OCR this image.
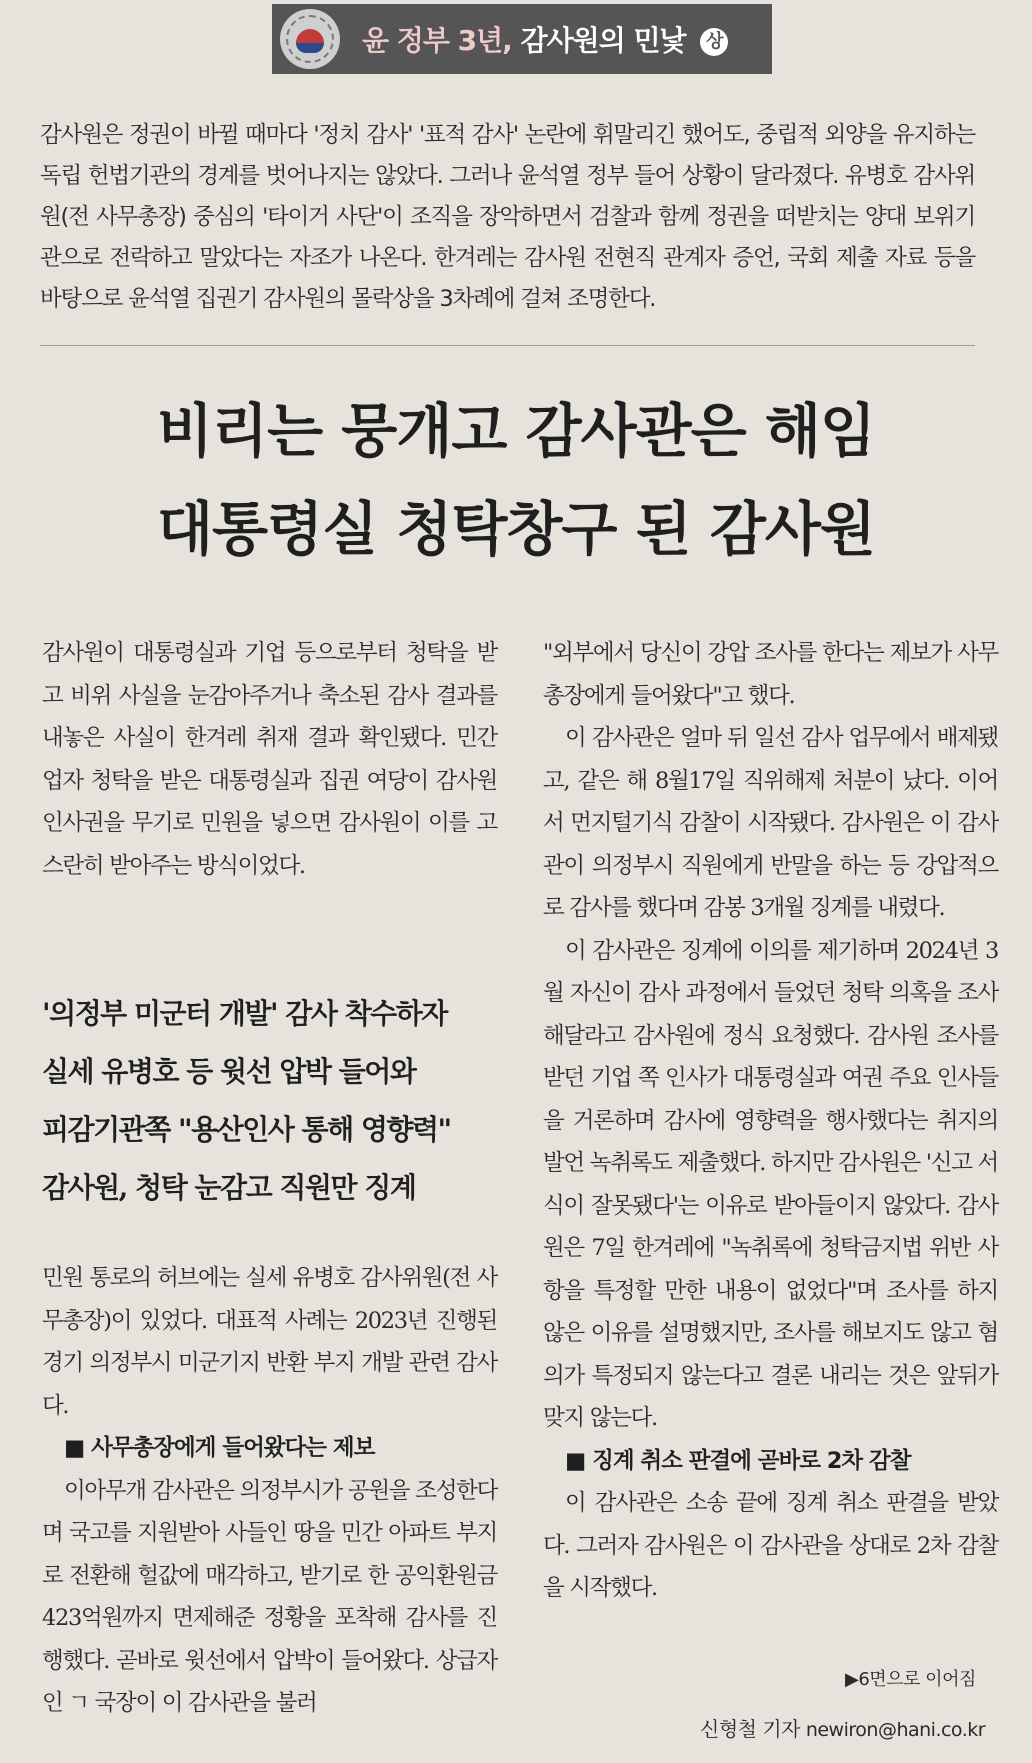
윤 정부 3년, 감사원의 민낯 상
감사원은 정권이 바뀔 때마다 '정치 감사' '표적 감사' 논란에 휘말리긴 했어도, 중립적 외양을 유지하는 독립 헌법기관의 경계를 벗어나지는 않았다. 그러나 윤석열 정부 들어 상황이 달라졌다. 유병호 감사위원(전 사무총장) 중심의 '타이거 사단'이 조직을 장악하면서 검찰과 함께 정권을 떠받치는 양대 보위기관으로 전락하고 말았다는 자조가 나온다. 한겨레는 감사원 전현직 관계자 증언, 국회 제출 자료 등을 바탕으로 윤석열 집권기 감사원의 몰락상을 3차례에 걸쳐 조명한다.
비리는 뭉개고 감사관은 해임
대통령실 청탁창구 된 감사원

감사원이 대통령실과 기업 등으로부터 청탁을 받고 비위 사실을 눈감아주거나 축소된 감사 결과를 내놓은 사실이 한겨레 취재 결과 확인됐다. 민간 업자 청탁을 받은 대통령실과 집권 여당이 감사원 인사권을 무기로 민원을 넣으면 감사원이 이를 고스란히 받아주는 방식이었다.

'의정부 미군터 개발' 감사 착수하자
실세 유병호 등 윗선 압박 들어와
피감기관쪽 "용산인사 통해 영향력"
감사원, 청탁 눈감고 직원만 징계

민원 통로의 허브에는 실세 유병호 감사위원(전 사무총장)이 있었다. 대표적 사례는 2023년 진행된 경기 의정부시 미군기지 반환 부지 개발 관련 감사다.

■ 사무총장에게 들어왔다는 제보

이아무개 감사관은 의정부시가 공원을 조성한다며 국고를 지원받아 사들인 땅을 민간 아파트 부지로 전환해 헐값에 매각하고, 받기로 한 공익환원금 423억원까지 면제해준 정황을 포착해 감사를 진행했다. 곧바로 윗선에서 압박이 들어왔다. 상급자인 ㄱ 국장이 이 감사관을 불러

"외부에서 당신이 강압 조사를 한다는 제보가 사무총장에게 들어왔다"고 했다.

이 감사관은 얼마 뒤 일선 감사 업무에서 배제됐고, 같은 해 8월17일 직위해제 처분이 났다. 이어서 먼지털기식 감찰이 시작됐다. 감사원은 이 감사관이 의정부시 직원에게 반말을 하는 등 강압적으로 감사를 했다며 감봉 3개월 징계를 내렸다.

이 감사관은 징계에 이의를 제기하며 2024년 3월 자신이 감사 과정에서 들었던 청탁 의혹을 조사해달라고 감사원에 정식 요청했다. 감사원 조사를 받던 기업 쪽 인사가 대통령실과 여권 주요 인사들을 거론하며 감사에 영향력을 행사했다는 취지의 발언 녹취록도 제출했다. 하지만 감사원은 '신고 서식이 잘못됐다'는 이유로 받아들이지 않았다. 감사원은 7일 한겨레에 "녹취록에 청탁금지법 위반 사항을 특정할 만한 내용이 없었다"며 조사를 하지 않은 이유를 설명했지만, 조사를 해보지도 않고 혐의가 특정되지 않는다고 결론 내리는 것은 앞뒤가 맞지 않는다.

■ 징계 취소 판결에 곧바로 2차 감찰

이 감사관은 소송 끝에 징계 취소 판결을 받았다. 그러자 감사원은 이 감사관을 상대로 2차 감찰을 시작했다.

▶6면으로 이어짐
신형철 기자 newiron@hani.co.kr
